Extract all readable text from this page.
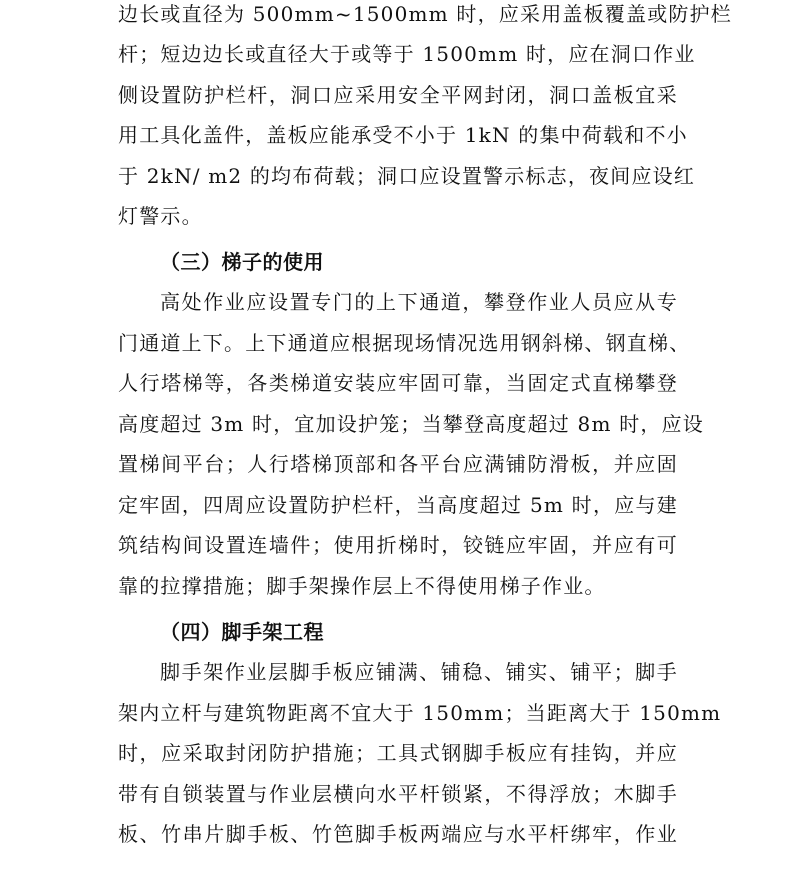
边长或直径为 500mm~1500mm 时，应采用盖板覆盖或防护栏
杆；短边边长或直径大于或等于 1500mm 时，应在洞口作业
侧设置防护栏杆，洞口应采用安全平网封闭，洞口盖板宜采
用工具化盖件，盖板应能承受不小于 1kN 的集中荷载和不小
于 2kN/ m2 的均布荷载；洞口应设置警示标志，夜间应设红
灯警示。
（三）梯子的使用
高处作业应设置专门的上下通道，攀登作业人员应从专
门通道上下。上下通道应根据现场情况选用钢斜梯、钢直梯、
人行塔梯等，各类梯道安装应牢固可靠，当固定式直梯攀登
高度超过 3m 时，宜加设护笼；当攀登高度超过 8m 时，应设
置梯间平台；人行塔梯顶部和各平台应满铺防滑板，并应固
定牢固，四周应设置防护栏杆，当高度超过 5m 时，应与建
筑结构间设置连墙件；使用折梯时，铰链应牢固，并应有可
靠的拉撑措施；脚手架操作层上不得使用梯子作业。
（四）脚手架工程
脚手架作业层脚手板应铺满、铺稳、铺实、铺平；脚手
架内立杆与建筑物距离不宜大于 150mm；当距离大于 150mm
时，应采取封闭防护措施；工具式钢脚手板应有挂钩，并应
带有自锁装置与作业层横向水平杆锁紧，不得浮放；木脚手
板、竹串片脚手板、竹笆脚手板两端应与水平杆绑牢，作业
